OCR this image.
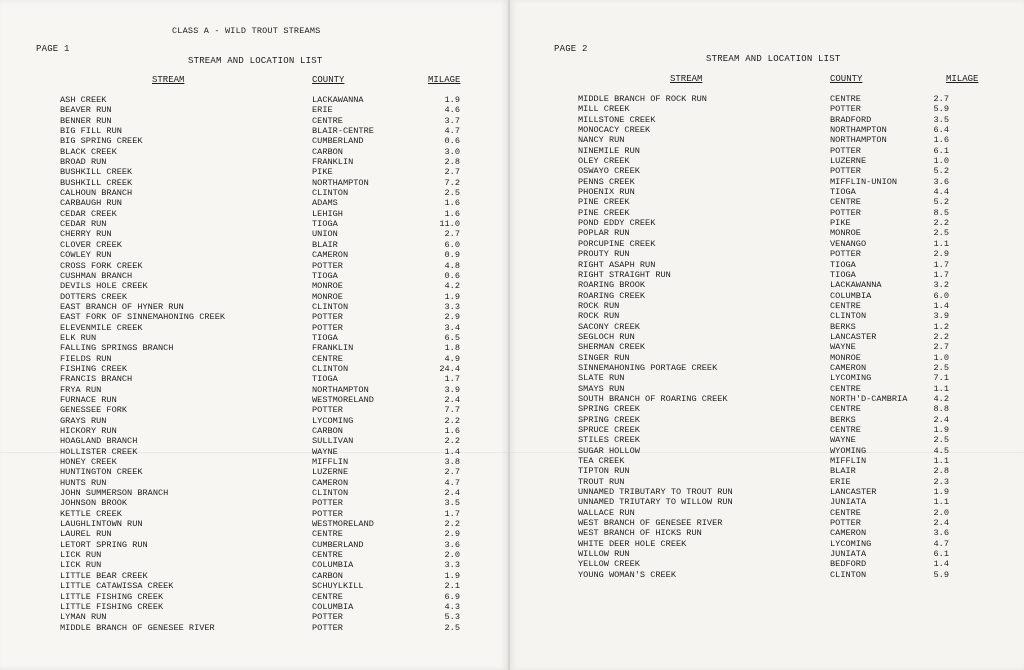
CLASS A - WILD TROUT STREAMS
PAGE 1
STREAM AND LOCATION LIST
STREAM	COUNTY	MILAGE
ASH CREEK	LACKAWANNA	1.9
BEAVER RUN	ERIE	4.6
BENNER RUN	CENTRE	3.7
BIG FILL RUN	BLAIR-CENTRE	4.7
BIG SPRING CREEK	CUMBERLAND	0.6
BLACK CREEK	CARBON	3.0
BROAD RUN	FRANKLIN	2.8
BUSHKILL CREEK	PIKE	2.7
BUSHKILL CREEK	NORTHAMPTON	7.2
CALHOUN BRANCH	CLINTON	2.5
CARBAUGH RUN	ADAMS	1.6
CEDAR CREEK	LEHIGH	1.6
CEDAR RUN	TIOGA	11.0
CHERRY RUN	UNION	2.7
CLOVER CREEK	BLAIR	6.0
COWLEY RUN	CAMERON	0.9
CROSS FORK CREEK	POTTER	4.8
CUSHMAN BRANCH	TIOGA	0.6
DEVILS HOLE CREEK	MONROE	4.2
DOTTERS CREEK	MONROE	1.9
EAST BRANCH OF HYNER RUN	CLINTON	3.3
EAST FORK OF SINNEMAHONING CREEK	POTTER	2.9
ELEVENMILE CREEK	POTTER	3.4
ELK RUN	TIOGA	6.5
FALLING SPRINGS BRANCH	FRANKLIN	1.8
FIELDS RUN	CENTRE	4.9
FISHING CREEK	CLINTON	24.4
FRANCIS BRANCH	TIOGA	1.7
FRYA RUN	NORTHAMPTON	3.9
FURNACE RUN	WESTMORELAND	2.4
GENESSEE FORK	POTTER	7.7
GRAYS RUN	LYCOMING	2.2
HICKORY RUN	CARBON	1.6
HOAGLAND BRANCH	SULLIVAN	2.2
HOLLISTER CREEK	WAYNE	1.4
HONEY CREEK	MIFFLIN	3.8
HUNTINGTON CREEK	LUZERNE	2.7
HUNTS RUN	CAMERON	4.7
JOHN SUMMERSON BRANCH	CLINTON	2.4
JOHNSON BROOK	POTTER	3.5
KETTLE CREEK	POTTER	1.7
LAUGHLINTOWN RUN	WESTMORELAND	2.2
LAUREL RUN	CENTRE	2.9
LETORT SPRING RUN	CUMBERLAND	3.6
LICK RUN	CENTRE	2.0
LICK RUN	COLUMBIA	3.3
LITTLE BEAR CREEK	CARBON	1.9
LITTLE CATAWISSA CREEK	SCHUYLKILL	2.1
LITTLE FISHING CREEK	CENTRE	6.9
LITTLE FISHING CREEK	COLUMBIA	4.3
LYMAN RUN	POTTER	5.3
MIDDLE BRANCH OF GENESEE RIVER	POTTER	2.5
PAGE 2
STREAM AND LOCATION LIST
STREAM	COUNTY	MILAGE
MIDDLE BRANCH OF ROCK RUN	CENTRE	2.7
MILL CREEK	POTTER	5.9
MILLSTONE CREEK	BRADFORD	3.5
MONOCACY CREEK	NORTHAMPTON	6.4
NANCY RUN	NORTHAMPTON	1.6
NINEMILE RUN	POTTER	6.1
OLEY CREEK	LUZERNE	1.0
OSWAYO CREEK	POTTER	5.2
PENNS CREEK	MIFFLIN-UNION	3.6
PHOENIX RUN	TIOGA	4.4
PINE CREEK	CENTRE	5.2
PINE CREEK	POTTER	8.5
POND EDDY CREEK	PIKE	2.2
POPLAR RUN	MONROE	2.5
PORCUPINE CREEK	VENANGO	1.1
PROUTY RUN	POTTER	2.9
RIGHT ASAPH RUN	TIOGA	1.7
RIGHT STRAIGHT RUN	TIOGA	1.7
ROARING BROOK	LACKAWANNA	3.2
ROARING CREEK	COLUMBIA	6.0
ROCK RUN	CENTRE	1.4
ROCK RUN	CLINTON	3.9
SACONY CREEK	BERKS	1.2
SEGLOCH RUN	LANCASTER	2.2
SHERMAN CREEK	WAYNE	2.7
SINGER RUN	MONROE	1.0
SINNEMAHONING PORTAGE CREEK	CAMERON	2.5
SLATE RUN	LYCOMING	7.1
SMAYS RUN	CENTRE	1.1
SOUTH BRANCH OF ROARING CREEK	NORTH'D-CAMBRIA	4.2
SPRING CREEK	CENTRE	8.8
SPRING CREEK	BERKS	2.4
SPRUCE CREEK	CENTRE	1.9
STILES CREEK	WAYNE	2.5
SUGAR HOLLOW	WYOMING	4.5
TEA CREEK	MIFFLIN	1.1
TIPTON RUN	BLAIR	2.8
TROUT RUN	ERIE	2.3
UNNAMED TRIBUTARY TO TROUT RUN	LANCASTER	1.9
UNNAMED TRIUTARY TO WILLOW RUN	JUNIATA	1.1
WALLACE RUN	CENTRE	2.0
WEST BRANCH OF GENESEE RIVER	POTTER	2.4
WEST BRANCH OF HICKS RUN	CAMERON	3.6
WHITE DEER HOLE CREEK	LYCOMING	4.7
WILLOW RUN	JUNIATA	6.1
YELLOW CREEK	BEDFORD	1.4
YOUNG WOMAN'S CREEK	CLINTON	5.9
